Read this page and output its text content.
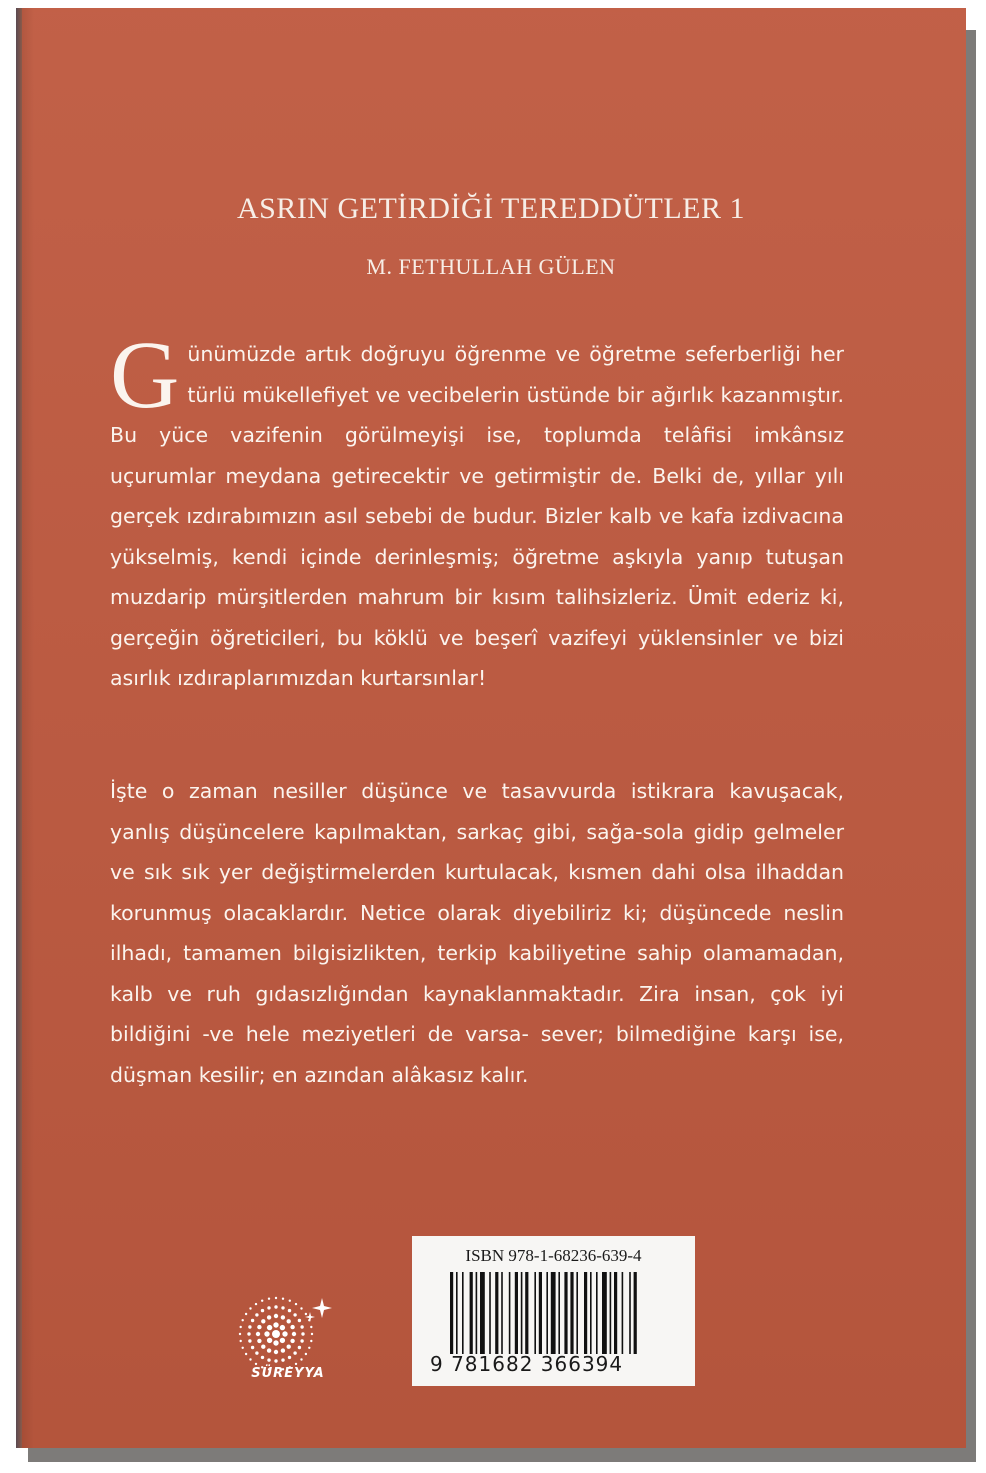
ASRIN GETİRDİĞİ TEREDDÜTLER 1
M. FETHULLAH GÜLEN
Günümüzde artık doğruyu öğrenme ve öğretme seferberliği her türlü mükellefiyet ve vecibelerin üstünde bir ağırlık kazanmıştır. Bu yüce vazifenin görülmeyişi ise, toplumda telâfisi imkânsız uçurumlar meydana getirecektir ve getirmiştir de. Belki de, yıllar yılı gerçek ızdırabımızın asıl sebebi de budur. Bizler kalb ve kafa izdivacına yükselmiş, kendi içinde derinleşmiş; öğretme aşkıyla yanıp tutuşan muzdarip mürşitlerden mahrum bir kısım talihsizleriz. Ümit ederiz ki, gerçeğin öğreticileri, bu köklü ve beşerî vazifeyi yüklensinler ve bizi asırlık ızdıraplarımızdan kurtarsınlar!
İşte o zaman nesiller düşünce ve tasavvurda istikrara kavuşacak, yanlış düşüncelere kapılmaktan, sarkaç gibi, sağa-sola gidip gelmeler ve sık sık yer değiştirmelerden kurtulacak, kısmen dahi olsa ilhaddan korunmuş olacaklardır. Netice olarak diyebiliriz ki; düşüncede neslin ilhadı, tamamen bilgisizlikten, terkip kabiliyetine sahip olamamadan, kalb ve ruh gıdasızlığından kaynaklanmaktadır. Zira insan, çok iyi bildiğini -ve hele meziyetleri de varsa- sever; bilmediğine karşı ise, düşman kesilir; en azından alâkasız kalır.
SÜREYYA
ISBN 978-1-68236-639-4
9 781682 366394
